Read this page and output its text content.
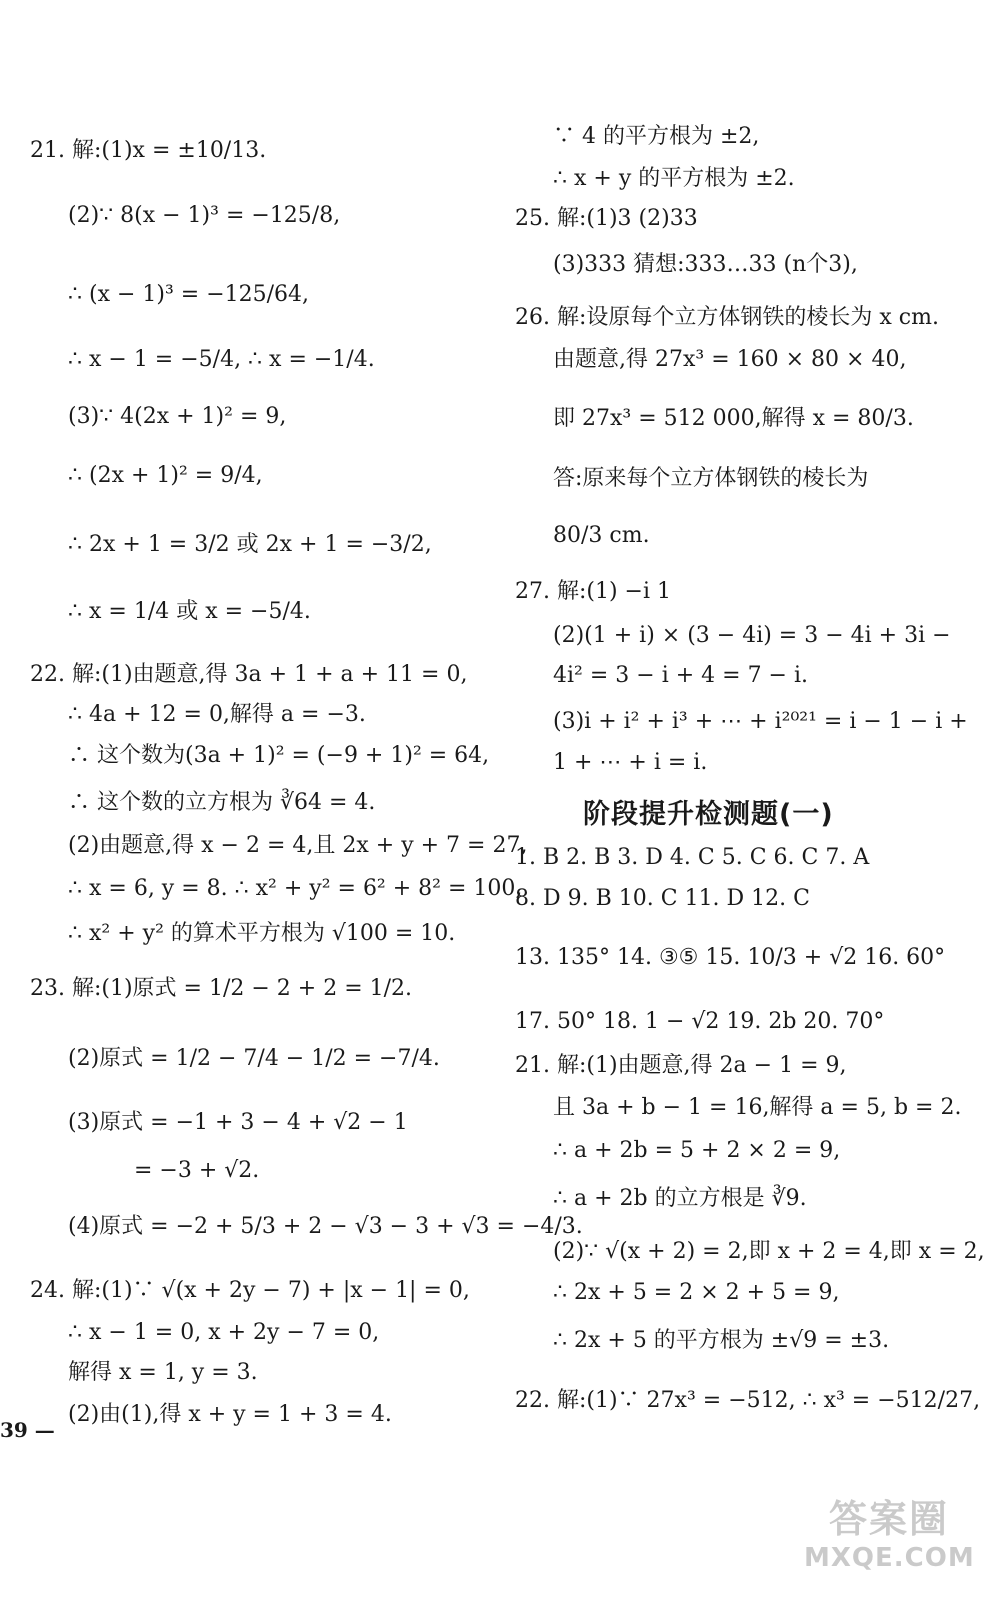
21. 解:(1)x = ±10/13.
(2)∵ 8(x − 1)³ = −125/8,
∴ (x − 1)³ = −125/64,
∴ x − 1 = −5/4, ∴ x = −1/4.
(3)∵ 4(2x + 1)² = 9,
∴ (2x + 1)² = 9/4,
∴ 2x + 1 = 3/2 或 2x + 1 = −3/2,
∴ x = 1/4 或 x = −5/4.
22. 解:(1)由题意,得 3a + 1 + a + 11 = 0,
∴ 4a + 12 = 0,解得 a = −3.
∴ 这个数为(3a + 1)² = (−9 + 1)² = 64,
∴ 这个数的立方根为 ∛64 = 4.
(2)由题意,得 x − 2 = 4,且 2x + y + 7 = 27,
∴ x = 6, y = 8. ∴ x² + y² = 6² + 8² = 100,
∴ x² + y² 的算术平方根为 √100 = 10.
23. 解:(1)原式 = 1/2 − 2 + 2 = 1/2.
(2)原式 = 1/2 − 7/4 − 1/2 = −7/4.
(3)原式 = −1 + 3 − 4 + √2 − 1
= −3 + √2.
(4)原式 = −2 + 5/3 + 2 − √3 − 3 + √3 = −4/3.
24. 解:(1)∵ √(x + 2y − 7) + |x − 1| = 0,
∴ x − 1 = 0, x + 2y − 7 = 0,
解得 x = 1, y = 3.
(2)由(1),得 x + y = 1 + 3 = 4.
39 —
∵ 4 的平方根为 ±2,
∴ x + y 的平方根为 ±2.
25. 解:(1)3 (2)33
(3)333 猜想:333…33 (n个3),
26. 解:设原每个立方体钢铁的棱长为 x cm.
由题意,得 27x³ = 160 × 80 × 40,
即 27x³ = 512 000,解得 x = 80/3.
答:原来每个立方体钢铁的棱长为
80/3 cm.
27. 解:(1) −i 1
(2)(1 + i) × (3 − 4i) = 3 − 4i + 3i −
4i² = 3 − i + 4 = 7 − i.
(3)i + i² + i³ + ⋯ + i²⁰²¹ = i − 1 − i +
1 + ⋯ + i = i.
阶段提升检测题(一)
1. B 2. B 3. D 4. C 5. C 6. C 7. A
8. D 9. B 10. C 11. D 12. C
13. 135° 14. ③⑤ 15. 10/3 + √2 16. 60°
17. 50° 18. 1 − √2 19. 2b 20. 70°
21. 解:(1)由题意,得 2a − 1 = 9,
且 3a + b − 1 = 16,解得 a = 5, b = 2.
∴ a + 2b = 5 + 2 × 2 = 9,
∴ a + 2b 的立方根是 ∛9.
(2)∵ √(x + 2) = 2,即 x + 2 = 4,即 x = 2,
∴ 2x + 5 = 2 × 2 + 5 = 9,
∴ 2x + 5 的平方根为 ±√9 = ±3.
22. 解:(1)∵ 27x³ = −512, ∴ x³ = −512/27,
答案圈
MXQE.COM
